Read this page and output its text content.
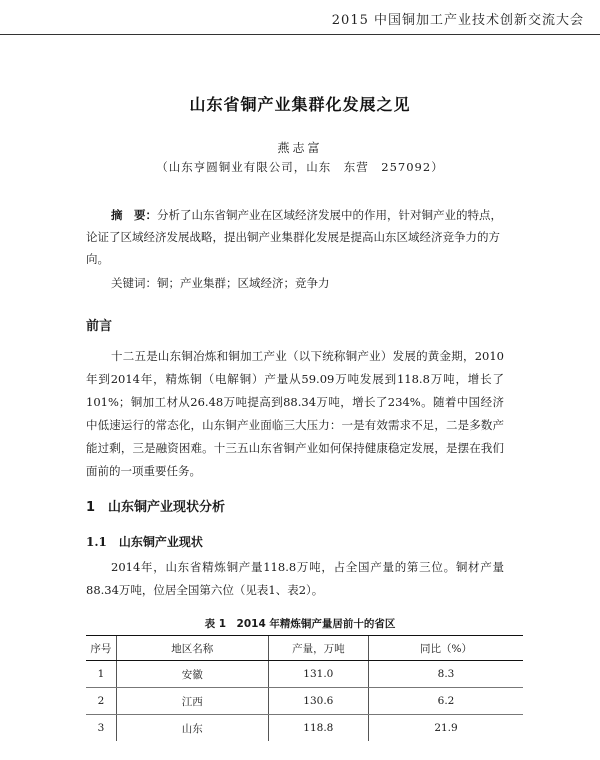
2015 中国铜加工产业技术创新交流大会
山东省铜产业集群化发展之见
燕志富
（山东亨圆铜业有限公司，山东　东营　257092）
摘　要：分析了山东省铜产业在区域经济发展中的作用，针对铜产业的特点，论证了区域经济发展战略，提出铜产业集群化发展是提高山东区域经济竞争力的方向。
关键词：铜；产业集群；区域经济；竞争力
前言
十二五是山东铜冶炼和铜加工产业（以下统称铜产业）发展的黄金期，2010年到2014年，精炼铜（电解铜）产量从59.09万吨发展到118.8万吨，增长了101%；铜加工材从26.48万吨提高到88.34万吨，增长了234%。随着中国经济中低速运行的常态化，山东铜产业面临三大压力：一是有效需求不足，二是多数产能过剩，三是融资困难。十三五山东省铜产业如何保持健康稳定发展，是摆在我们面前的一项重要任务。
1　山东铜产业现状分析
1.1　山东铜产业现状
2014年，山东省精炼铜产量118.8万吨，占全国产量的第三位。铜材产量88.34万吨，位居全国第六位（见表1、表2）。
表 1　2014 年精炼铜产量居前十的省区
序号	地区名称	产量，万吨	同比（%）
1	安徽	131.0	8.3
2	江西	130.6	6.2
3	山东	118.8	21.9
